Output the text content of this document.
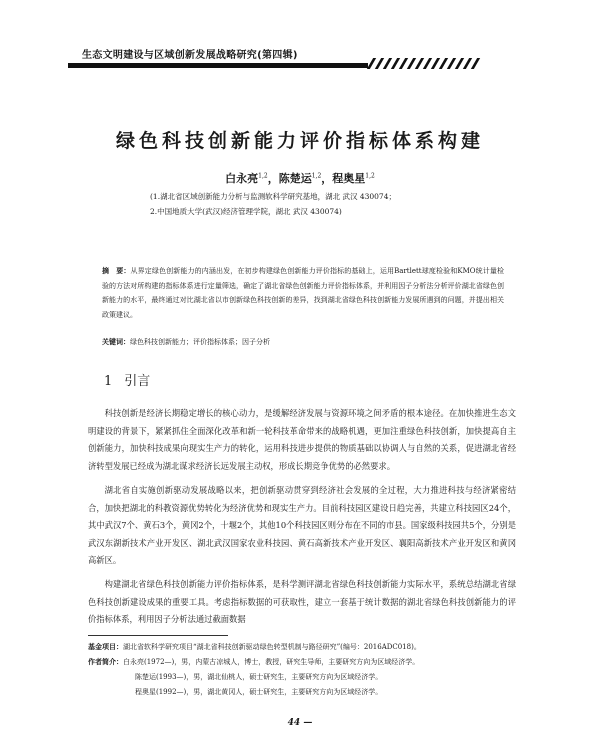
生态文明建设与区域创新发展战略研究(第四辑)
绿色科技创新能力评价指标体系构建
白永亮$^{1,2}$，陈楚运$^{1,2}$，程奥星$^{1,2}$
(1.湖北省区域创新能力分析与监测软科学研究基地，湖北 武汉 430074；
2.中国地质大学(武汉)经济管理学院，湖北 武汉 430074)
摘　要：从界定绿色创新能力的内涵出发，在初步构建绿色创新能力评价指标的基础上，运用Bartlett球度检验和KMO统计量检验的方法对所构建的指标体系进行定量筛选，确定了湖北省绿色创新能力评价指标体系，并利用因子分析法分析评价湖北省绿色创新能力的水平，最终通过对比湖北省以市创新绿色科技创新的差异，找到湖北省绿色科技创新能力发展所遇到的问题，并提出相关政策建议。
关键词：绿色科技创新能力；评价指标体系；因子分析
1 引言

科技创新是经济长期稳定增长的核心动力，是缓解经济发展与资源环境之间矛盾的根本途径。在加快推进生态文明建设的背景下，紧紧抓住全面深化改革和新一轮科技革命带来的战略机遇，更加注重绿色科技创新，加快提高自主创新能力，加快科技成果向现实生产力的转化，运用科技进步提供的物质基础以协调人与自然的关系，促进湖北省经济转型发展已经成为湖北谋求经济长远发展主动权，形成长期竞争优势的必然要求。

湖北省自实施创新驱动发展战略以来，把创新驱动贯穿到经济社会发展的全过程，大力推进科技与经济紧密结合，加快把湖北的科教资源优势转化为经济优势和现实生产力。目前科技园区建设日趋完善，共建立科技园区24个，其中武汉7个、黄石3个，黄冈2个，十堰2个，其他10个科技园区则分布在不同的市县。国家级科技园共5个，分别是武汉东湖新技术产业开发区、湖北武汉国家农业科技园、黄石高新技术产业开发区、襄阳高新技术产业开发区和黄冈高新区。

构建湖北省绿色科技创新能力评价指标体系，是科学测评湖北省绿色科技创新能力实际水平，系统总结湖北省绿色科技创新建设成果的重要工具。考虑指标数据的可获取性，建立一套基于统计数据的湖北省绿色科技创新能力的评价指标体系，利用因子分析法通过截面数据

基金项目：湖北省软科学研究项目“湖北省科技创新驱动绿色转型机制与路径研究”(编号：2016ADC018)。
作者简介：白永亮(1972—)，男，内蒙古凉城人，博士，教授，研究生导师，主要研究方向为区域经济学。
陈楚运(1993—)，男，湖北仙桃人，硕士研究生，主要研究方向为区域经济学。
程奥星(1992—)，男，湖北黄冈人，硕士研究生，主要研究方向为区域经济学。
44 —
